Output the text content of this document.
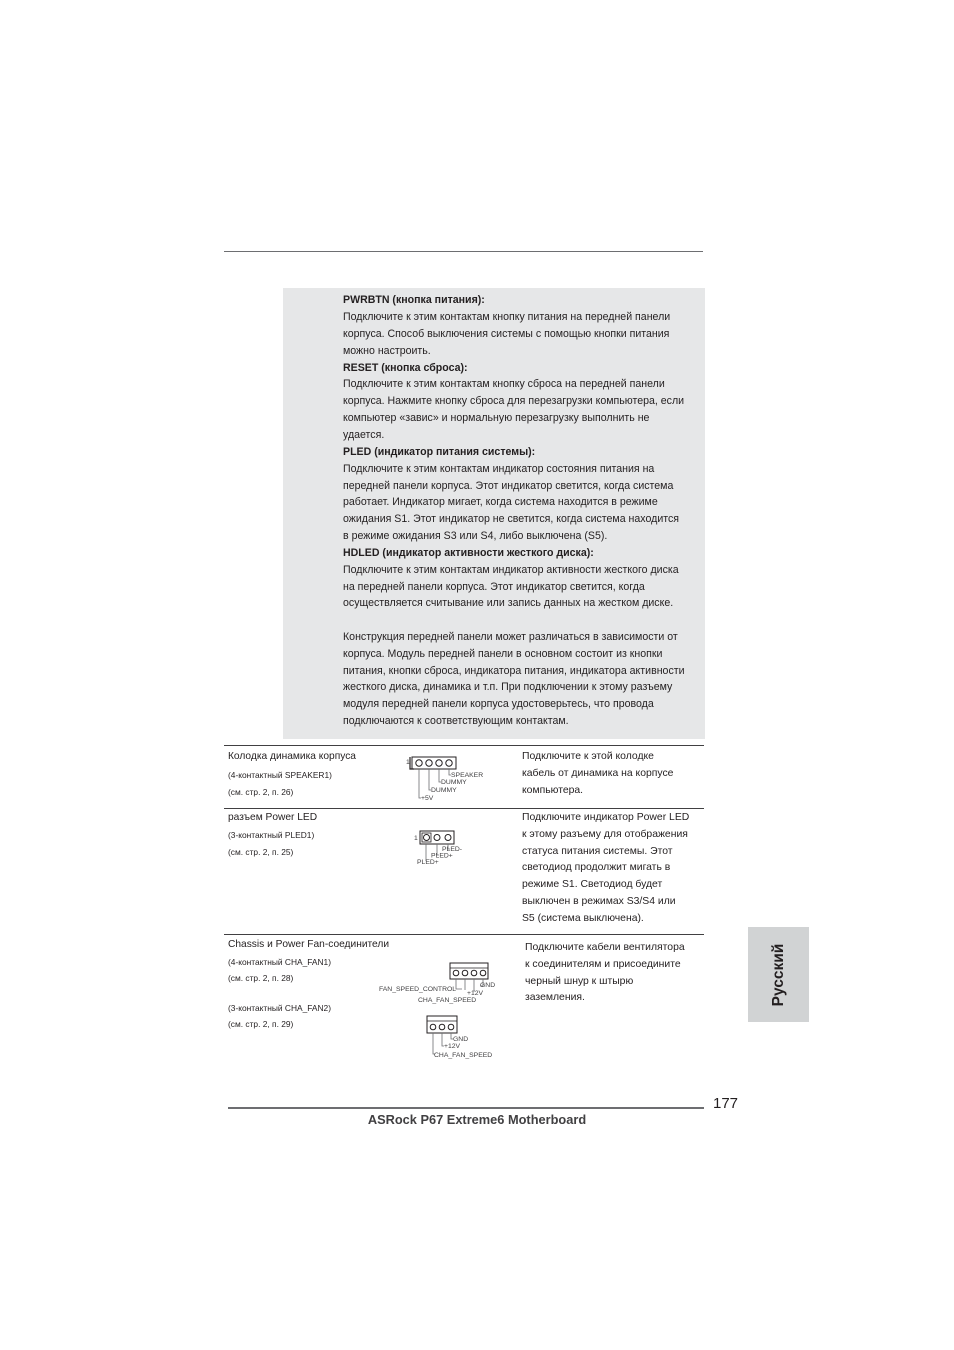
PWRBTN (кнопка питания):
Подключите к этим контактам кнопку питания на передней панели
корпуса. Способ выключения системы с помощью кнопки питания
можно настроить.
RESET (кнопка сброса):
Подключите к этим контактам кнопку сброса на передней панели
корпуса. Нажмите кнопку сброса для перезагрузки компьютера, если
компьютер «завис» и нормальную перезагрузку выполнить не
удается.
PLED (индикатор питания системы):
Подключите к этим контактам индикатор состояния питания на
передней панели корпуса. Этот индикатор светится, когда система
работает. Индикатор мигает, когда система находится в режиме
ожидания S1. Этот индикатор не светится, когда система находится
в режиме ожидания S3 или S4, либо выключена (S5).
HDLED (индикатор активности жесткого диска):
Подключите к этим контактам индикатор активности жесткого диска
на передней панели корпуса. Этот индикатор светится, когда
осуществляется считывание или запись данных на жестком диске.
Конструкция передней панели может различаться в зависимости от
корпуса. Модуль передней панели в основном состоит из кнопки
питания, кнопки сброса, индикатора питания, индикатора активности
жесткого диска, динамика и т.п. При подключении к этому разъему
модуля передней панели корпуса удостоверьтесь, что провода
подключаются к соответствующим контактам.
Колодка динамика корпуса
(4-контактный SPEAKER1)
(см. стр. 2, п. 26)
1
SPEAKER
DUMMY
DUMMY
+5V
Подключите к этой колодке
кабель от динамика на корпусе
компьютера.
разъем Power LED
(3-контактный PLED1)
(см. стр. 2, п. 25)
1
PLED-
PLED+
PLED+
Подключите индикатор Power LED
к этому разъему для отображения
статуса питания системы. Этот
светодиод продолжит мигать в
режиме S1. Светодиод будет
выключен в режимах S3/S4 или
S5 (система выключена).
Chassis и Power Fan-соединители
(4-контактный CHA_FAN1)
(см. стр. 2, п. 28)
(3-контактный CHA_FAN2)
(см. стр. 2, п. 29)
FAN_SPEED_CONTROL
GND
+12V
CHA_FAN_SPEED
GND
+12V
CHA_FAN_SPEED
Подключите кабели вентилятора
к соединителям и присоедините
черный шнур к штырю
заземления.	Русский
177
ASRock P67 Extreme6 Motherboard
